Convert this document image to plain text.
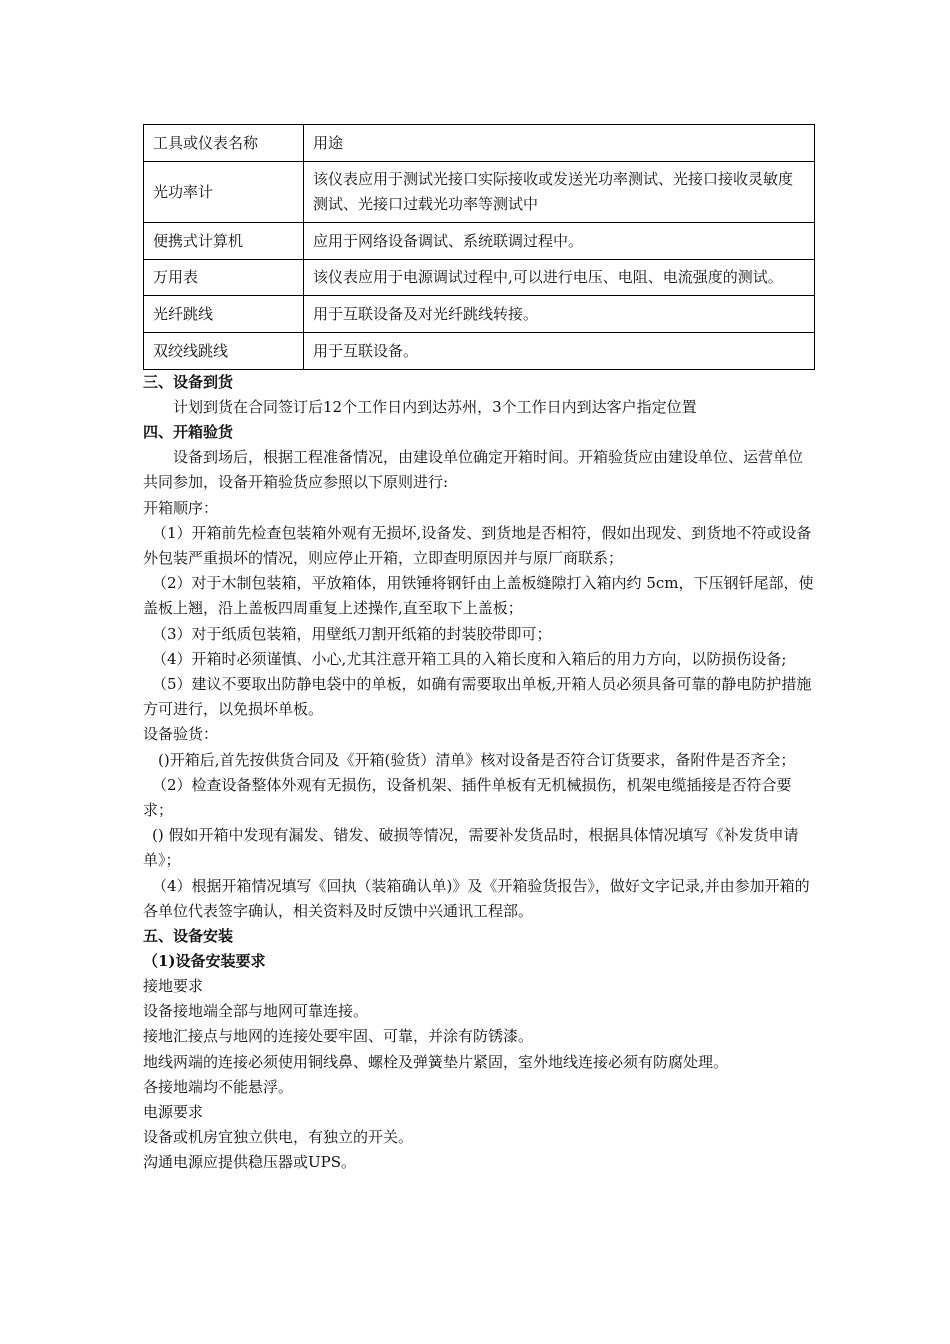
工具或仪表名称	用途
光功率计	该仪表应用于测试光接口实际接收或发送光功率测试、光接口接收灵敏度测试、光接口过载光功率等测试中
便携式计算机	应用于网络设备调试、系统联调过程中。
万用表	该仪表应用于电源调试过程中,可以进行电压、电阻、电流强度的测试。
光纤跳线	用于互联设备及对光纤跳线转接。
双绞线跳线	用于互联设备。
三、设备到货
计划到货在合同签订后12个工作日内到达苏州，3个工作日内到达客户指定位置
四、开箱验货
设备到场后，根据工程准备情况，由建设单位确定开箱时间。开箱验货应由建设单位、运营单位共同参加，设备开箱验货应参照以下原则进行:
开箱顺序：
（1）开箱前先检查包装箱外观有无损坏,设备发、到货地是否相符，假如出现发、到货地不符或设备外包装严重损坏的情况，则应停止开箱，立即查明原因并与原厂商联系；
（2）对于木制包装箱，平放箱体，用铁锤将钢钎由上盖板缝隙打入箱内约 5cm，下压钢钎尾部，使盖板上翘，沿上盖板四周重复上述操作,直至取下上盖板；
（3）对于纸质包装箱，用壁纸刀割开纸箱的封装胶带即可；
（4）开箱时必须谨慎、小心,尤其注意开箱工具的入箱长度和入箱后的用力方向，以防损伤设备;
（5）建议不要取出防静电袋中的单板，如确有需要取出单板,开箱人员必须具备可靠的静电防护措施方可进行，以免损坏单板。
设备验货：
()开箱后,首先按供货合同及《开箱(验货）清单》核对设备是否符合订货要求，备附件是否齐全；
（2）检查设备整体外观有无损伤，设备机架、插件单板有无机械损伤，机架电缆插接是否符合要求；
() 假如开箱中发现有漏发、错发、破损等情况，需要补发货品时，根据具体情况填写《补发货申请单》；
（4）根据开箱情况填写《回执（装箱确认单)》及《开箱验货报告》，做好文字记录,并由参加开箱的各单位代表签字确认，相关资料及时反馈中兴通讯工程部。
五、设备安装
（1)设备安装要求
接地要求
设备接地端全部与地网可靠连接。
接地汇接点与地网的连接处要牢固、可靠，并涂有防锈漆。
地线两端的连接必须使用铜线鼻、螺栓及弹簧垫片紧固，室外地线连接必须有防腐处理。
各接地端均不能悬浮。
电源要求
设备或机房宜独立供电，有独立的开关。
沟通电源应提供稳压器或UPS。
